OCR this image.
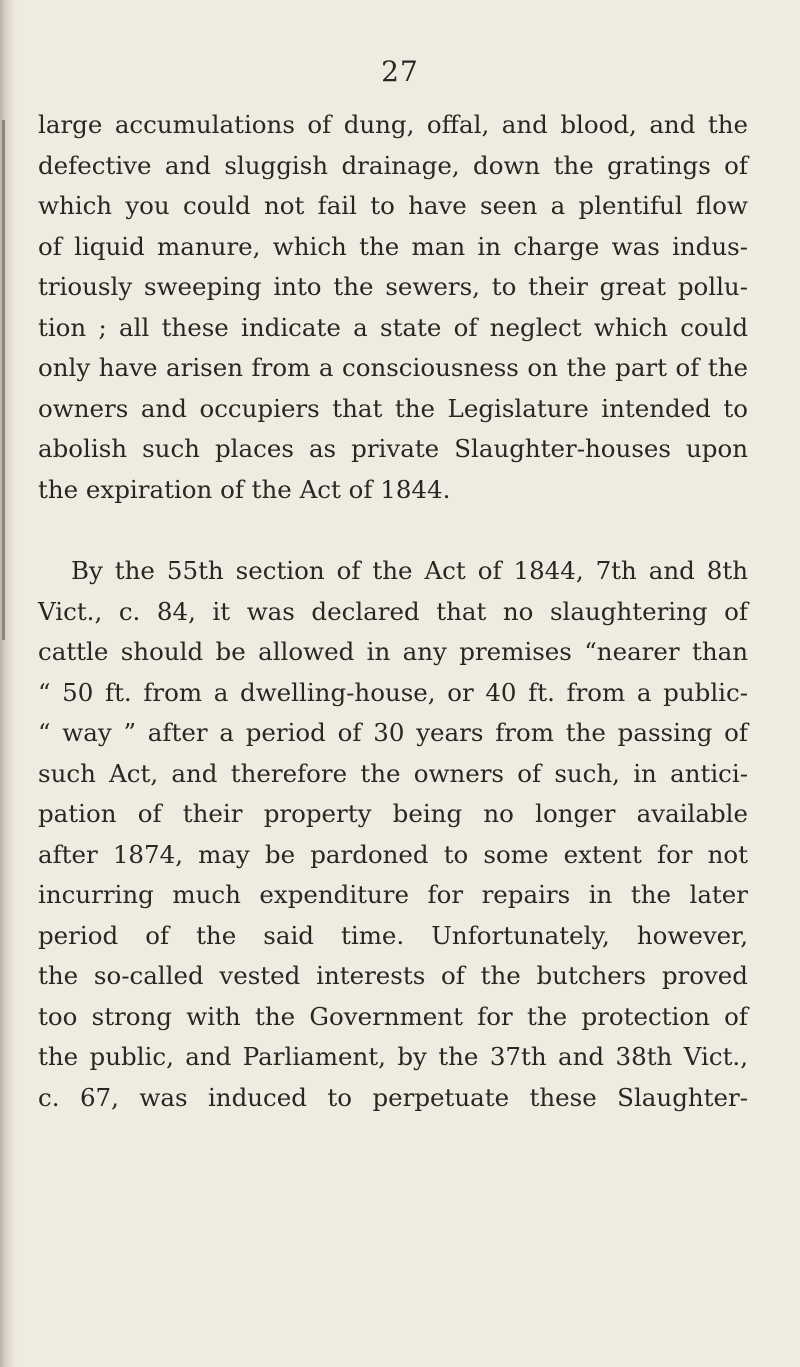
27
large accumulations of dung, offal, and blood, and the
defective and sluggish drainage, down the gratings of
which you could not fail to have seen a plentiful flow
of liquid manure, which the man in charge was indus-
triously sweeping into the sewers, to their great pollu-
tion ; all these indicate a state of neglect which could
only have arisen from a consciousness on the part of the
owners and occupiers that the Legislature intended to
abolish such places as private Slaughter-houses upon
the expiration of the Act of 1844.
By the 55th section of the Act of 1844, 7th and 8th
Vict., c. 84, it was declared that no slaughtering of
cattle should be allowed in any premises “nearer than
“ 50 ft. from a dwelling-house, or 40 ft. from a public-
“ way ” after a period of 30 years from the passing of
such Act, and therefore the owners of such, in antici-
pation of their property being no longer available
after 1874, may be pardoned to some extent for not
incurring much expenditure for repairs in the later
period of the said time. Unfortunately, however,
the so-called vested interests of the butchers proved
too strong with the Government for the protection of
the public, and Parliament, by the 37th and 38th Vict.,
c. 67, was induced to perpetuate these Slaughter-
